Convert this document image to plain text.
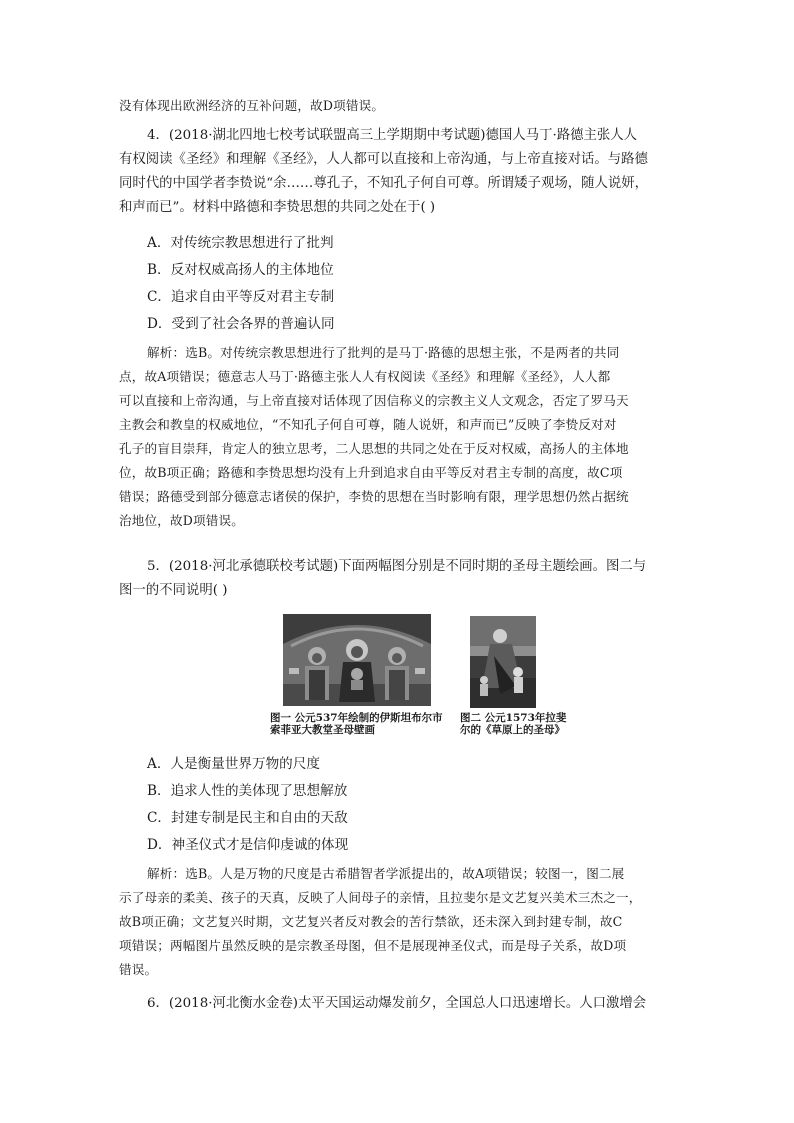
没有体现出欧洲经济的互补问题，故D项错误。
4．(2018·湖北四地七校考试联盟高三上学期期中考试题)德国人马丁·路德主张人人
有权阅读《圣经》和理解《圣经》，人人都可以直接和上帝沟通，与上帝直接对话。与路德
同时代的中国学者李贽说“余……尊孔子，不知孔子何自可尊。所谓矮子观场，随人说妍，
和声而已”。材料中路德和李贽思想的共同之处在于( )
A．对传统宗教思想进行了批判
B．反对权威高扬人的主体地位
C．追求自由平等反对君主专制
D．受到了社会各界的普遍认同
解析：选B。对传统宗教思想进行了批判的是马丁·路德的思想主张，不是两者的共同
点，故A项错误；德意志人马丁·路德主张人人有权阅读《圣经》和理解《圣经》，人人都
可以直接和上帝沟通，与上帝直接对话体现了因信称义的宗教主义人文观念，否定了罗马天
主教会和教皇的权威地位，“不知孔子何自可尊，随人说妍，和声而已”反映了李贽反对对
孔子的盲目崇拜，肯定人的独立思考，二人思想的共同之处在于反对权威，高扬人的主体地
位，故B项正确；路德和李贽思想均没有上升到追求自由平等反对君主专制的高度，故C项
错误；路德受到部分德意志诸侯的保护，李贽的思想在当时影响有限，理学思想仍然占据统
治地位，故D项错误。
5．(2018·河北承德联校考试题)下面两幅图分别是不同时期的圣母主题绘画。图二与
图一的不同说明( )
图一 公元537年绘制的伊斯坦布尔市
索菲亚大教堂圣母壁画
图二 公元1573年拉斐
尔的《草原上的圣母》
A．人是衡量世界万物的尺度
B．追求人性的美体现了思想解放
C．封建专制是民主和自由的天敌
D．神圣仪式才是信仰虔诚的体现
解析：选B。人是万物的尺度是古希腊智者学派提出的，故A项错误；较图一，图二展
示了母亲的柔美、孩子的天真，反映了人间母子的亲情，且拉斐尔是文艺复兴美术三杰之一，
故B项正确；文艺复兴时期，文艺复兴者反对教会的苦行禁欲，还未深入到封建专制，故C
项错误；两幅图片虽然反映的是宗教圣母图，但不是展现神圣仪式，而是母子关系，故D项
错误。
6．(2018·河北衡水金卷)太平天国运动爆发前夕，全国总人口迅速增长。人口激增会
